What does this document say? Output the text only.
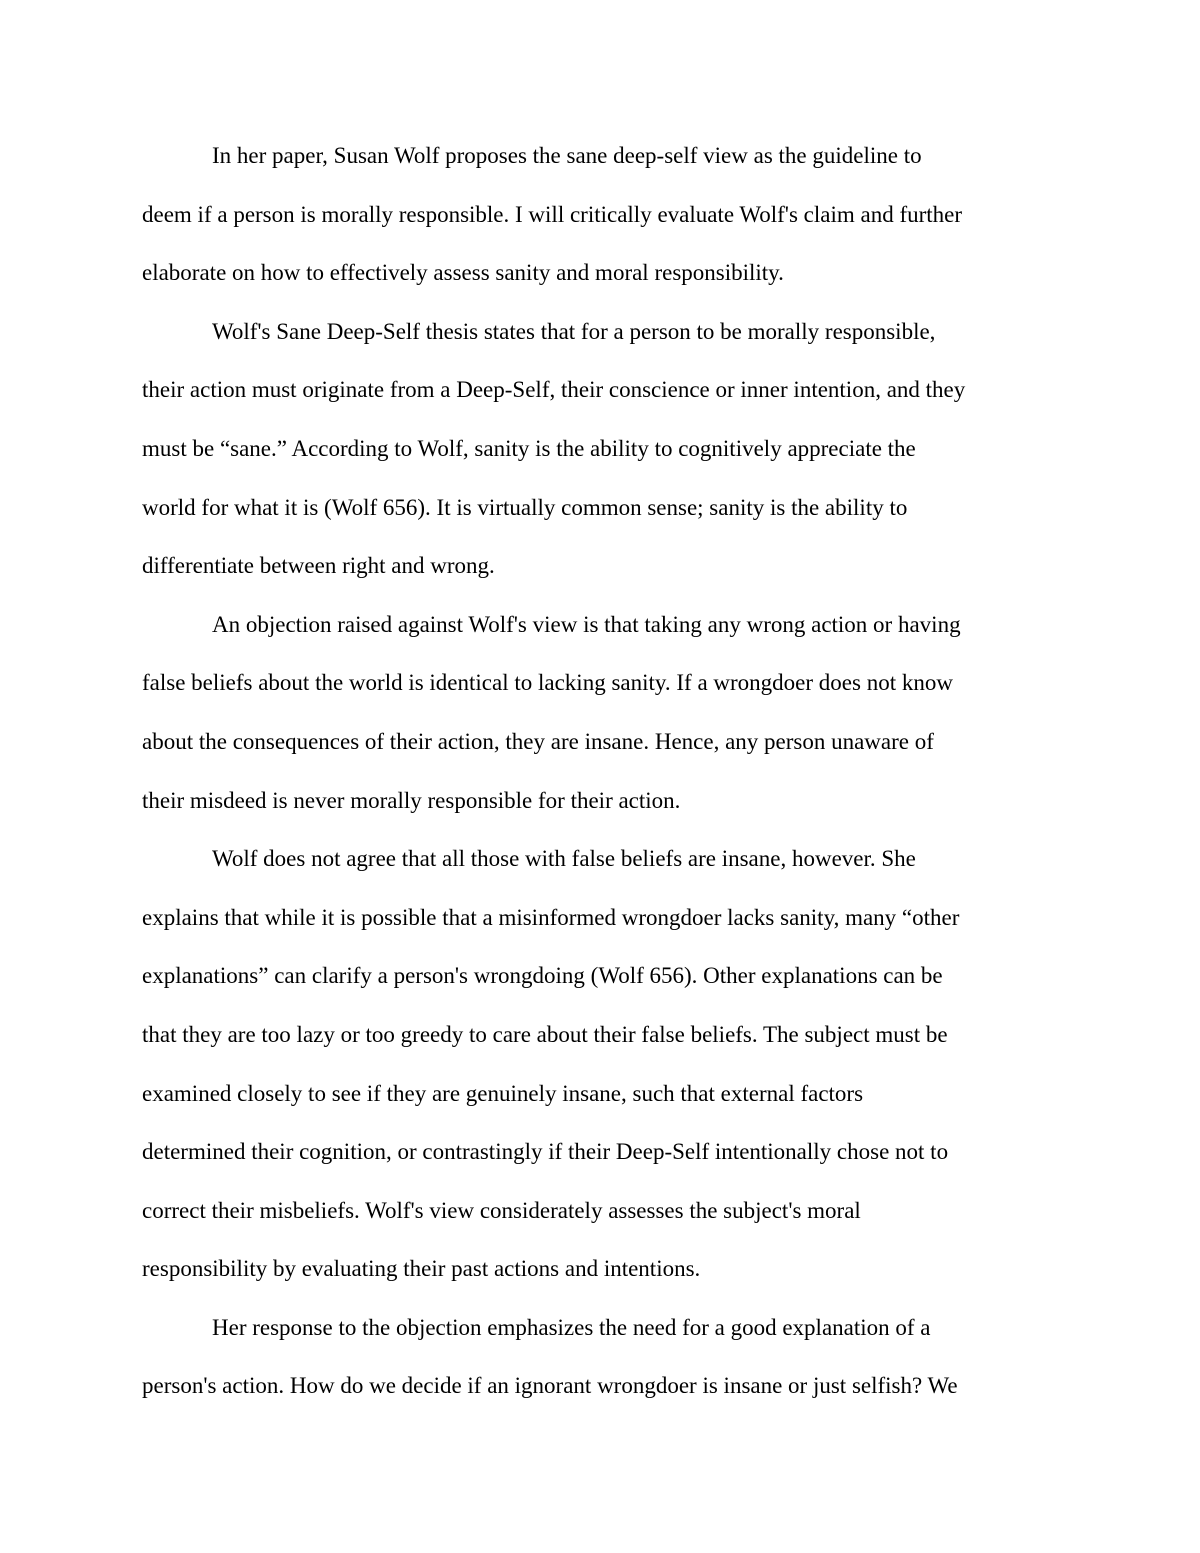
In her paper, Susan Wolf proposes the sane deep-self view as the guideline to
deem if a person is morally responsible. I will critically evaluate Wolf's claim and further
elaborate on how to effectively assess sanity and moral responsibility.
Wolf's Sane Deep-Self thesis states that for a person to be morally responsible,
their action must originate from a Deep-Self, their conscience or inner intention, and they
must be “sane.” According to Wolf, sanity is the ability to cognitively appreciate the
world for what it is (Wolf 656). It is virtually common sense; sanity is the ability to
differentiate between right and wrong.
An objection raised against Wolf's view is that taking any wrong action or having
false beliefs about the world is identical to lacking sanity. If a wrongdoer does not know
about the consequences of their action, they are insane. Hence, any person unaware of
their misdeed is never morally responsible for their action.
Wolf does not agree that all those with false beliefs are insane, however. She
explains that while it is possible that a misinformed wrongdoer lacks sanity, many “other
explanations” can clarify a person's wrongdoing (Wolf 656). Other explanations can be
that they are too lazy or too greedy to care about their false beliefs. The subject must be
examined closely to see if they are genuinely insane, such that external factors
determined their cognition, or contrastingly if their Deep-Self intentionally chose not to
correct their misbeliefs. Wolf's view considerately assesses the subject's moral
responsibility by evaluating their past actions and intentions.
Her response to the objection emphasizes the need for a good explanation of a
person's action. How do we decide if an ignorant wrongdoer is insane or just selfish? We
